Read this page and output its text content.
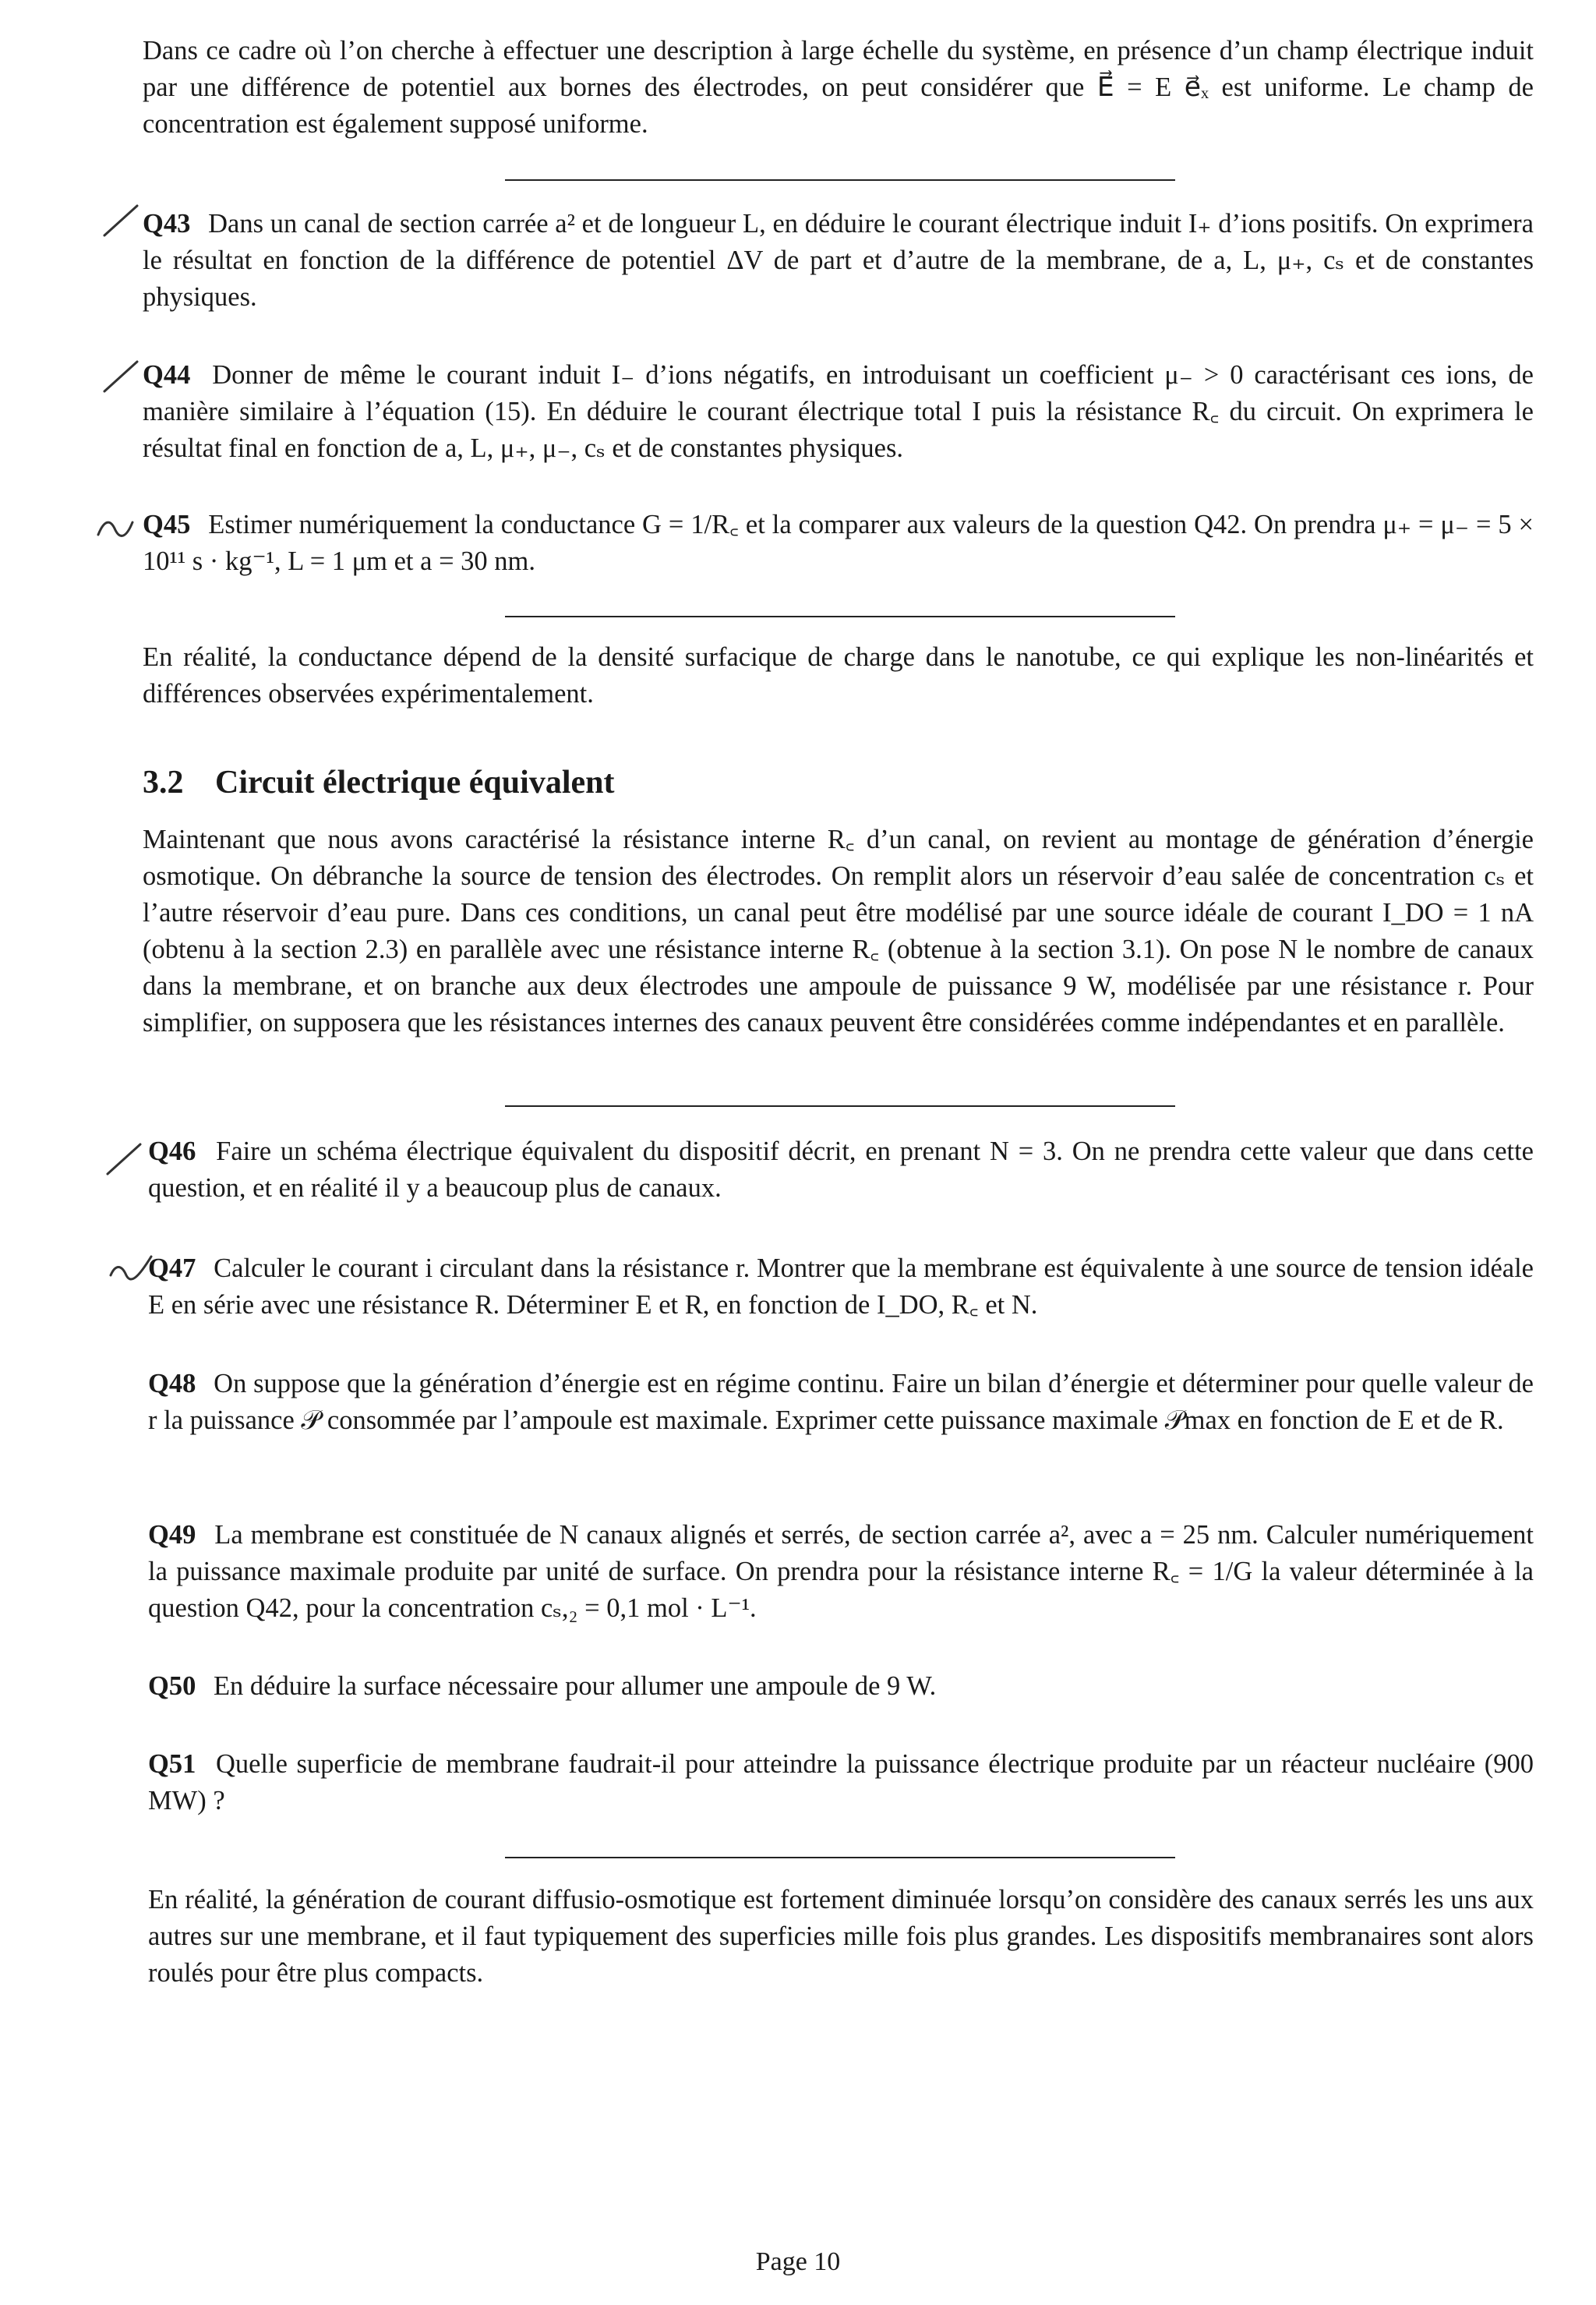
Dans ce cadre où l’on cherche à effectuer une description à large échelle du système, en présence d’un champ électrique induit par une différence de potentiel aux bornes des électrodes, on peut considérer que E⃗ = E e⃗ₓ est uniforme. Le champ de concentration est également supposé uniforme.
Q43 Dans un canal de section carrée a² et de longueur L, en déduire le courant électrique induit I₊ d’ions positifs. On exprimera le résultat en fonction de la différence de potentiel ΔV de part et d’autre de la membrane, de a, L, μ₊, cₛ et de constantes physiques.
Q44 Donner de même le courant induit I₋ d’ions négatifs, en introduisant un coefficient μ₋ > 0 caractérisant ces ions, de manière similaire à l’équation (15). En déduire le courant électrique total I puis la résistance R꜀ du circuit. On exprimera le résultat final en fonction de a, L, μ₊, μ₋, cₛ et de constantes physiques.
Q45 Estimer numériquement la conductance G = 1/R꜀ et la comparer aux valeurs de la question Q42. On prendra μ₊ = μ₋ = 5 × 10¹¹ s · kg⁻¹, L = 1 μm et a = 30 nm.
En réalité, la conductance dépend de la densité surfacique de charge dans le nanotube, ce qui explique les non-linéarités et différences observées expérimentalement.
3.2 Circuit électrique équivalent
Maintenant que nous avons caractérisé la résistance interne R꜀ d’un canal, on revient au montage de génération d’énergie osmotique. On débranche la source de tension des électrodes. On remplit alors un réservoir d’eau salée de concentration cₛ et l’autre réservoir d’eau pure. Dans ces conditions, un canal peut être modélisé par une source idéale de courant I_DO = 1 nA (obtenu à la section 2.3) en parallèle avec une résistance interne R꜀ (obtenue à la section 3.1). On pose N le nombre de canaux dans la membrane, et on branche aux deux électrodes une ampoule de puissance 9 W, modélisée par une résistance r. Pour simplifier, on supposera que les résistances internes des canaux peuvent être considérées comme indépendantes et en parallèle.
Q46 Faire un schéma électrique équivalent du dispositif décrit, en prenant N = 3. On ne prendra cette valeur que dans cette question, et en réalité il y a beaucoup plus de canaux.
Q47 Calculer le courant i circulant dans la résistance r. Montrer que la membrane est équivalente à une source de tension idéale E en série avec une résistance R. Déterminer E et R, en fonction de I_DO, R꜀ et N.
Q48 On suppose que la génération d’énergie est en régime continu. Faire un bilan d’énergie et déterminer pour quelle valeur de r la puissance 𝒫 consommée par l’ampoule est maximale. Exprimer cette puissance maximale 𝒫max en fonction de E et de R.
Q49 La membrane est constituée de N canaux alignés et serrés, de section carrée a², avec a = 25 nm. Calculer numériquement la puissance maximale produite par unité de surface. On prendra pour la résistance interne R꜀ = 1/G la valeur déterminée à la question Q42, pour la concentration cₛ,₂ = 0,1 mol · L⁻¹.
Q50 En déduire la surface nécessaire pour allumer une ampoule de 9 W.
Q51 Quelle superficie de membrane faudrait-il pour atteindre la puissance électrique produite par un réacteur nucléaire (900 MW) ?
En réalité, la génération de courant diffusio-osmotique est fortement diminuée lorsqu’on considère des canaux serrés les uns aux autres sur une membrane, et il faut typiquement des superficies mille fois plus grandes. Les dispositifs membranaires sont alors roulés pour être plus compacts.
Page 10
